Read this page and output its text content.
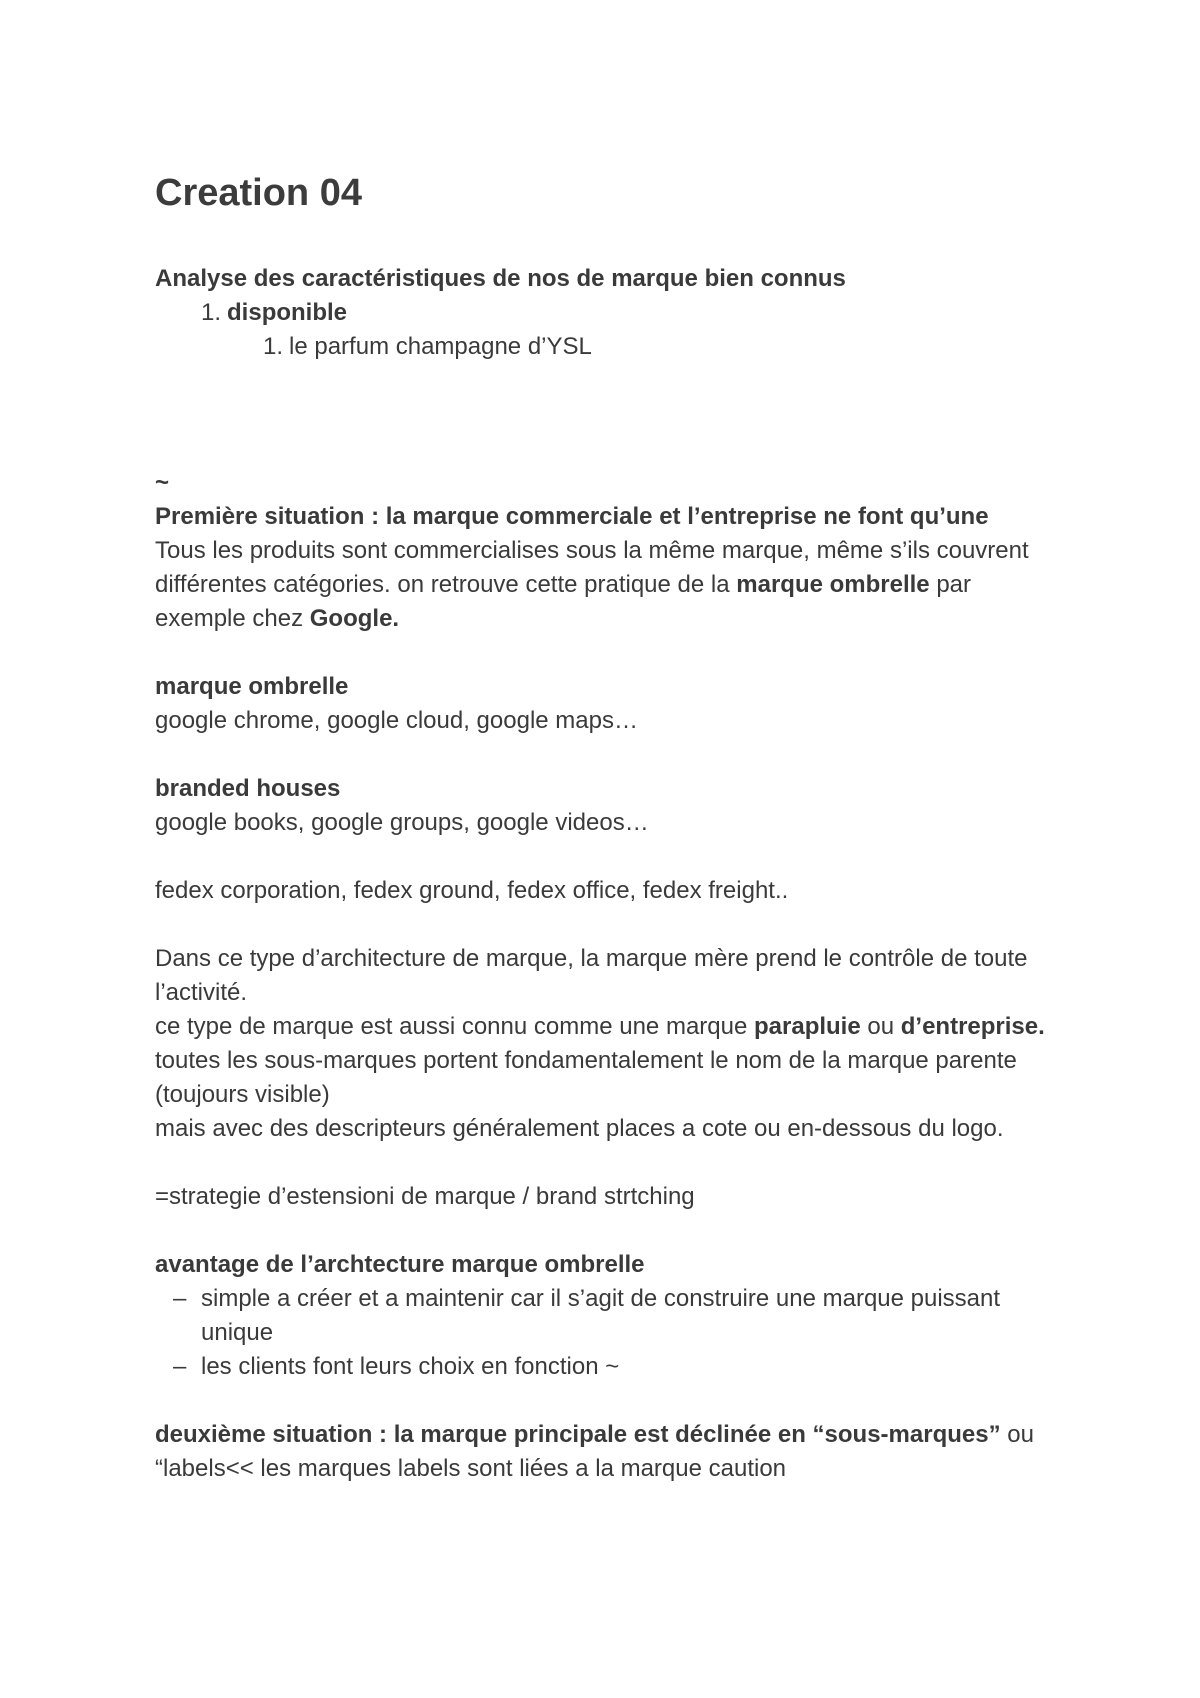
Creation 04

Analyse des caractéristiques de nos de marque bien connus

1. disponible

1. le parfum champagne d’YSL

~

Première situation : la marque commerciale et l’entreprise ne font qu’une

Tous les produits sont commercialises sous la même marque, même s’ils couvrent différentes catégories. on retrouve cette pratique de la marque ombrelle par exemple chez Google.

marque ombrelle

google chrome, google cloud, google maps…

branded houses

google books, google groups, google videos…

fedex corporation, fedex ground, fedex office, fedex freight..

Dans ce type d’architecture de marque, la marque mère prend le contrôle de toute l’activité.

ce type de marque est aussi connu comme une marque parapluie ou d’entreprise.

toutes les sous-marques portent fondamentalement le nom de la marque parente (toujours visible)

mais avec des descripteurs généralement places a cote ou en-dessous du logo.

=strategie d’estensioni de marque / brand strtching

avantage de l’archtecture marque ombrelle

– simple a créer et a maintenir car il s’agit de construire une marque puissant unique

– les clients font leurs choix en fonction ~

deuxième situation : la marque principale est déclinée en “sous-marques” ou “labels<< les marques labels sont liées a la marque caution
